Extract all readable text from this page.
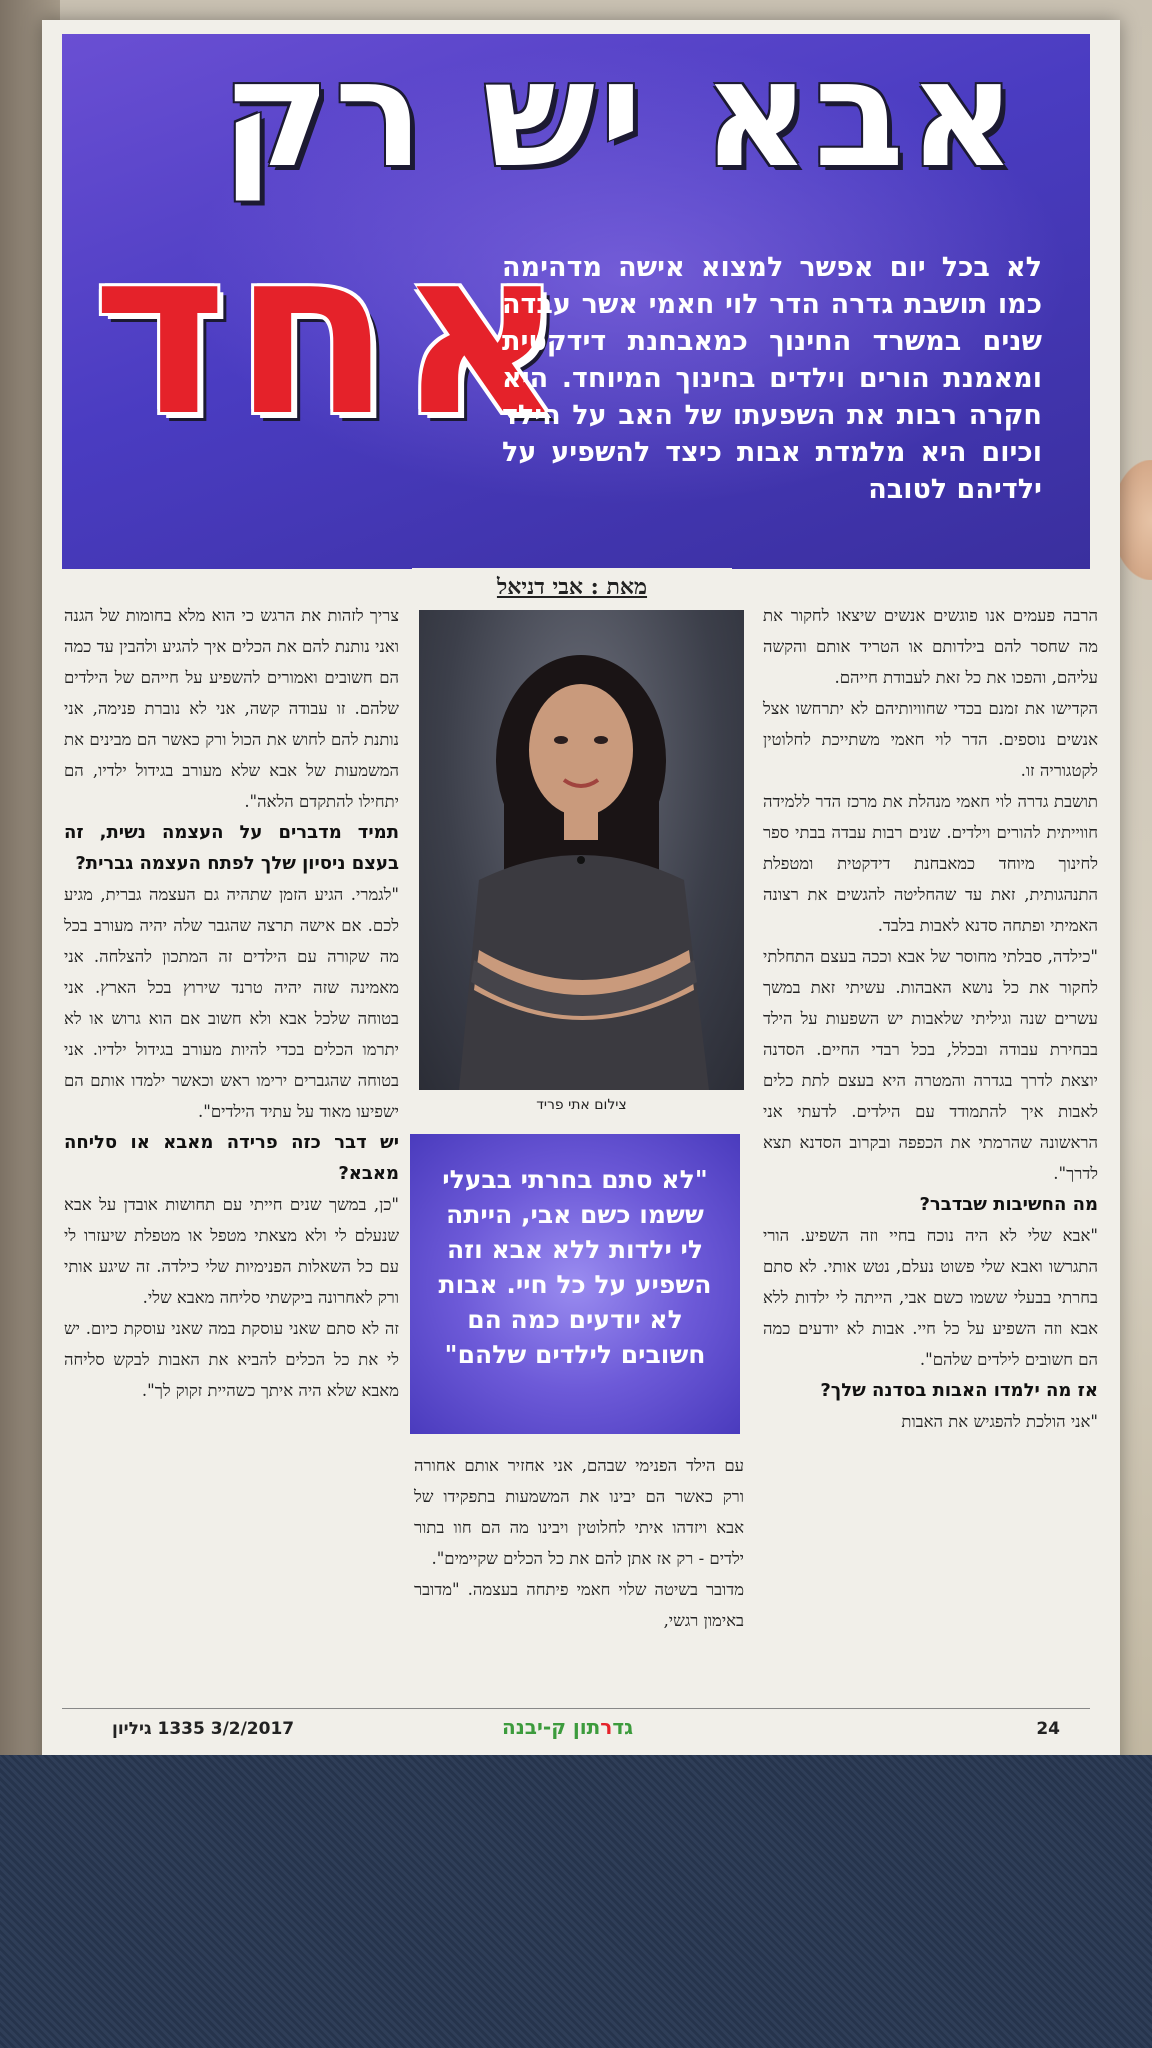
אבא יש רק
אחד
לא בכל יום אפשר למצוא אישה מדהימה כמו תושבת גדרה הדר לוי חאמי אשר עבדה שנים במשרד החינוך כמאבחנת דידקטית ומאמנת הורים וילדים בחינוך המיוחד. היא חקרה רבות את השפעתו של האב על הילד וכיום היא מלמדת אבות כיצד להשפיע על ילדיהם לטובה
מאת : אבי דניאל

הרבה פעמים אנו פוגשים אנשים שיצאו לחקור את מה שחסר להם בילדותם או הטריד אותם והקשה עליהם, והפכו את כל זאת לעבודת חייהם.

הקדישו את זמנם בכדי שחוויותיהם לא יתרחשו אצל אנשים נוספים. הדר לוי חאמי משתייכת לחלוטין לקטגוריה זו.

תושבת גדרה לוי חאמי מנהלת את מרכז הדר ללמידה חווייתית להורים וילדים. שנים רבות עבדה בבתי ספר לחינוך מיוחד כמאבחנת דידקטית ומטפלת התנהגותית, זאת עד שהחליטה להגשים את רצונה האמיתי ופתחה סדנא לאבות בלבד.

"כילדה, סבלתי מחוסר של אבא וככה בעצם התחלתי לחקור את כל נושא האבהות. עשיתי זאת במשך עשרים שנה וגיליתי שלאבות יש השפעות על הילד בבחירת עבודה ובכלל, בכל רבדי החיים. הסדנה יוצאת לדרך בגדרה והמטרה היא בעצם לתת כלים לאבות איך להתמודד עם הילדים. לדעתי אני הראשונה שהרמתי את הכפפה ובקרוב הסדנא תצא לדרך".

מה החשיבות שבדבר?

"אבא שלי לא היה נוכח בחיי וזה השפיע. הורי התגרשו ואבא שלי פשוט נעלם, נטש אותי. לא סתם בחרתי בבעלי ששמו כשם אבי, הייתה לי ילדות ללא אבא וזה השפיע על כל חיי. אבות לא יודעים כמה הם חשובים לילדים שלהם".

אז מה ילמדו האבות בסדנה שלך?

"אני הולכת להפגיש את האבות

צילום אתי פריד
"לא סתם בחרתי בבעלי ששמו כשם אבי, הייתה לי ילדות ללא אבא וזה השפיע על כל חיי. אבות לא יודעים כמה הם חשובים לילדים שלהם"

עם הילד הפנימי שבהם, אני אחזיר אותם אחורה ורק כאשר הם יבינו את המשמעות בתפקידו של אבא ויזדהו איתי לחלוטין ויבינו מה הם חוו בתור ילדים - רק אז אתן להם את כל הכלים שקיימים".

מדובר בשיטה שלוי חאמי פיתחה בעצמה. "מדובר באימון רגשי,

צריך לזהות את הרגש כי הוא מלא בחומות של הגנה ואני נותנת להם את הכלים איך להגיע ולהבין עד כמה הם חשובים ואמורים להשפיע על חייהם של הילדים שלהם. זו עבודה קשה, אני לא נוברת פנימה, אני נותנת להם לחוש את הכול ורק כאשר הם מבינים את המשמעות של אבא שלא מעורב בגידול ילדיו, הם יתחילו להתקדם הלאה".

תמיד מדברים על העצמה נשית, זה בעצם ניסיון שלך לפתח העצמה גברית?

"לגמרי. הגיע הזמן שתהיה גם העצמה גברית, מגיע לכם. אם אישה תרצה שהגבר שלה יהיה מעורב בכל מה שקורה עם הילדים זה המתכון להצלחה. אני מאמינה שזה יהיה טרנד שירוץ בכל הארץ. אני בטוחה שלכל אבא ולא חשוב אם הוא גרוש או לא יתרמו הכלים בכדי להיות מעורב בגידול ילדיו. אני בטוחה שהגברים ירימו ראש וכאשר ילמדו אותם הם ישפיעו מאוד על עתיד הילדים".

יש דבר כזה פרידה מאבא או סליחה מאבא?

"כן, במשך שנים חייתי עם תחושות אובדן על אבא שנעלם לי ולא מצאתי מטפל או מטפלת שיעזרו לי עם כל השאלות הפנימיות שלי כילדה. זה שיגע אותי ורק לאחרונה ביקשתי סליחה מאבא שלי.

זה לא סתם שאני עוסקת במה שאני עוסקת כיום. יש לי את כל הכלים להביא את האבות לבקש סליחה מאבא שלא היה איתך כשהיית זקוק לך".

24
גדרתון ק-יבנה
3/2/2017 1335 גיליון
